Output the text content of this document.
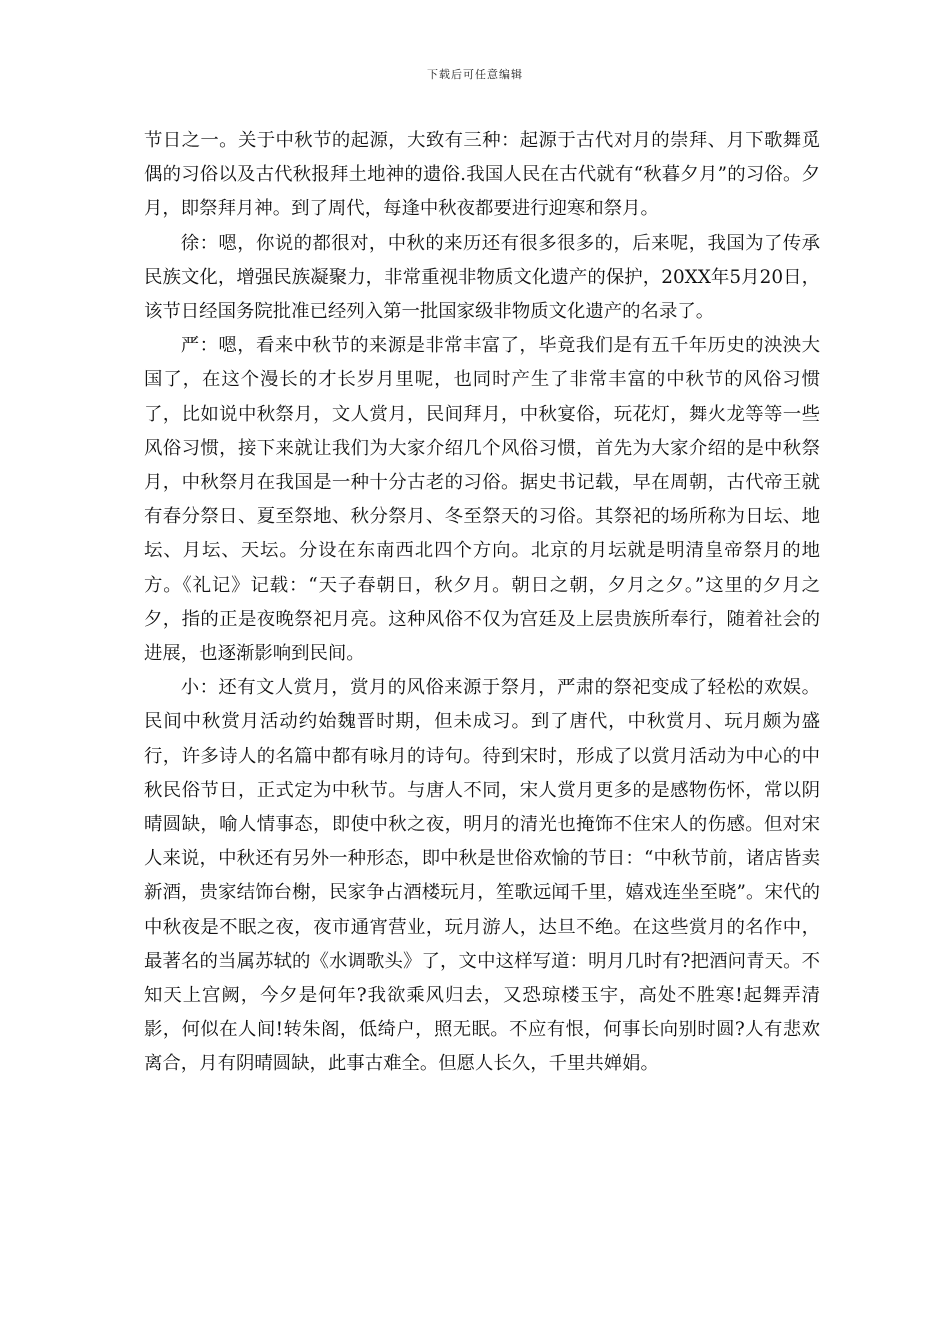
下载后可任意编辑

节日之一。关于中秋节的起源，大致有三种：起源于古代对月的崇拜、月下歌舞觅偶的习俗以及古代秋报拜土地神的遗俗.我国人民在古代就有“秋暮夕月”的习俗。夕月，即祭拜月神。到了周代，每逢中秋夜都要进行迎寒和祭月。

徐：嗯，你说的都很对，中秋的来历还有很多很多的，后来呢，我国为了传承民族文化，增强民族凝聚力，非常重视非物质文化遗产的保护，20XX年5月20日，该节日经国务院批准已经列入第一批国家级非物质文化遗产的名录了。

严：嗯，看来中秋节的来源是非常丰富了，毕竟我们是有五千年历史的泱泱大国了，在这个漫长的才长岁月里呢，也同时产生了非常丰富的中秋节的风俗习惯了，比如说中秋祭月，文人赏月，民间拜月，中秋宴俗，玩花灯，舞火龙等等一些风俗习惯，接下来就让我们为大家介绍几个风俗习惯，首先为大家介绍的是中秋祭月，中秋祭月在我国是一种十分古老的习俗。据史书记载，早在周朝，古代帝王就有春分祭日、夏至祭地、秋分祭月、冬至祭天的习俗。其祭祀的场所称为日坛、地坛、月坛、天坛。分设在东南西北四个方向。北京的月坛就是明清皇帝祭月的地方。《礼记》记载：“天子春朝日，秋夕月。朝日之朝，夕月之夕。”这里的夕月之夕，指的正是夜晚祭祀月亮。这种风俗不仅为宫廷及上层贵族所奉行，随着社会的进展，也逐渐影响到民间。

小：还有文人赏月，赏月的风俗来源于祭月，严肃的祭祀变成了轻松的欢娱。民间中秋赏月活动约始魏晋时期，但未成习。到了唐代，中秋赏月、玩月颇为盛行，许多诗人的名篇中都有咏月的诗句。待到宋时，形成了以赏月活动为中心的中秋民俗节日，正式定为中秋节。与唐人不同，宋人赏月更多的是感物伤怀，常以阴晴圆缺，喻人情事态，即使中秋之夜，明月的清光也掩饰不住宋人的伤感。但对宋人来说，中秋还有另外一种形态，即中秋是世俗欢愉的节日：“中秋节前，诸店皆卖新酒，贵家结饰台榭，民家争占酒楼玩月，笙歌远闻千里，嬉戏连坐至晓”。宋代的中秋夜是不眠之夜，夜市通宵营业，玩月游人，达旦不绝。在这些赏月的名作中，最著名的当属苏轼的《水调歌头》了，文中这样写道：明月几时有?把酒问青天。不知天上宫阙，今夕是何年?我欲乘风归去，又恐琼楼玉宇，高处不胜寒!起舞弄清影，何似在人间!转朱阁，低绮户，照无眠。不应有恨，何事长向别时圆?人有悲欢离合，月有阴晴圆缺，此事古难全。但愿人长久，千里共婵娟。
